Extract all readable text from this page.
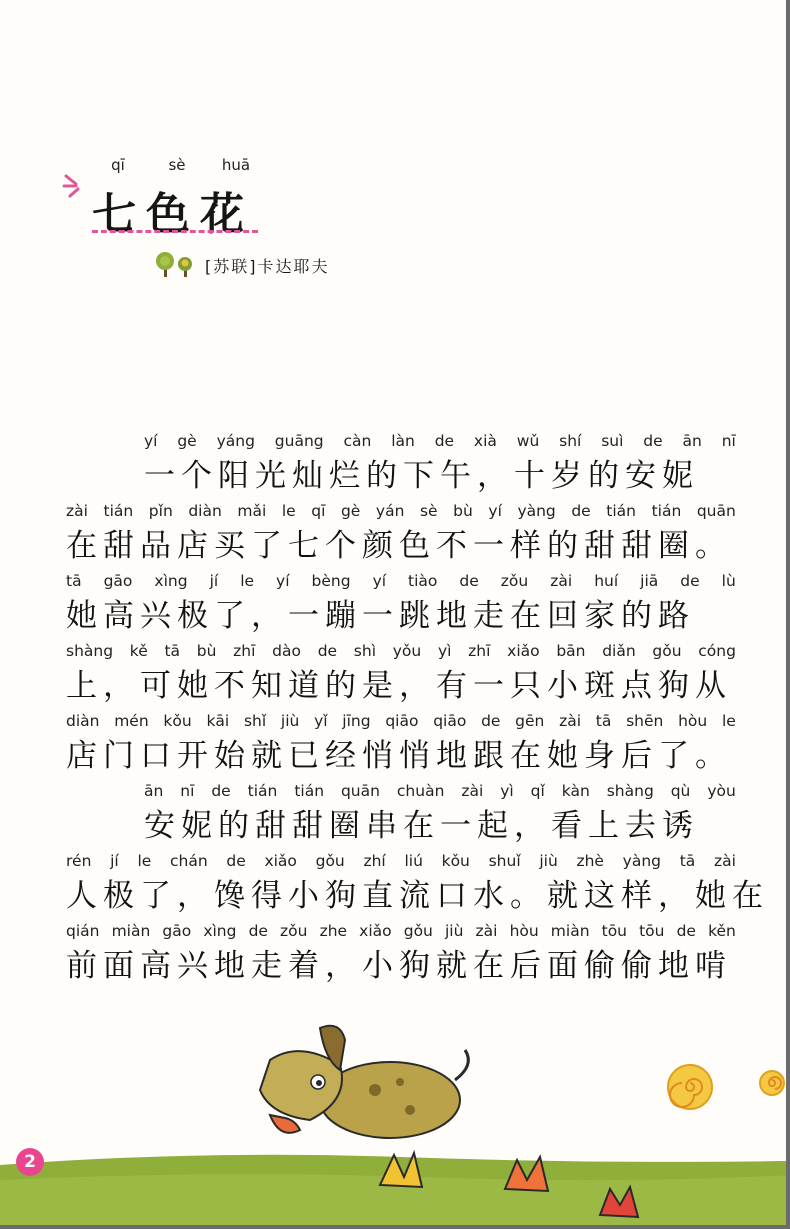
qī	sè	huā
七色花
[苏联]卡达耶夫
yí gè yáng guāng càn làn de xià wǔ shí suì de ān nī
一个阳光灿烂的下午，十岁的安妮
zài tián pǐn diàn mǎi le qī gè yán sè bù yí yàng de tián tián quān
在甜品店买了七个颜色不一样的甜甜圈。
tā gāo xìng jí le yí bèng yí tiào de zǒu zài huí jiā de lù
她高兴极了，一蹦一跳地走在回家的路
shàng kě tā bù zhī dào de shì yǒu yì zhī xiǎo bān diǎn gǒu cóng
上，可她不知道的是，有一只小斑点狗从
diàn mén kǒu kāi shǐ jiù yǐ jīng qiāo qiāo de gēn zài tā shēn hòu le
店门口开始就已经悄悄地跟在她身后了。
ān nī de tián tián quān chuàn zài yì qǐ kàn shàng qù yòu
安妮的甜甜圈串在一起，看上去诱
rén jí le chán de xiǎo gǒu zhí liú kǒu shuǐ jiù zhè yàng tā zài
人极了，馋得小狗直流口水。就这样，她在
qián miàn gāo xìng de zǒu zhe xiǎo gǒu jiù zài hòu miàn tōu tōu de kěn
前面高兴地走着，小狗就在后面偷偷地啃
2
